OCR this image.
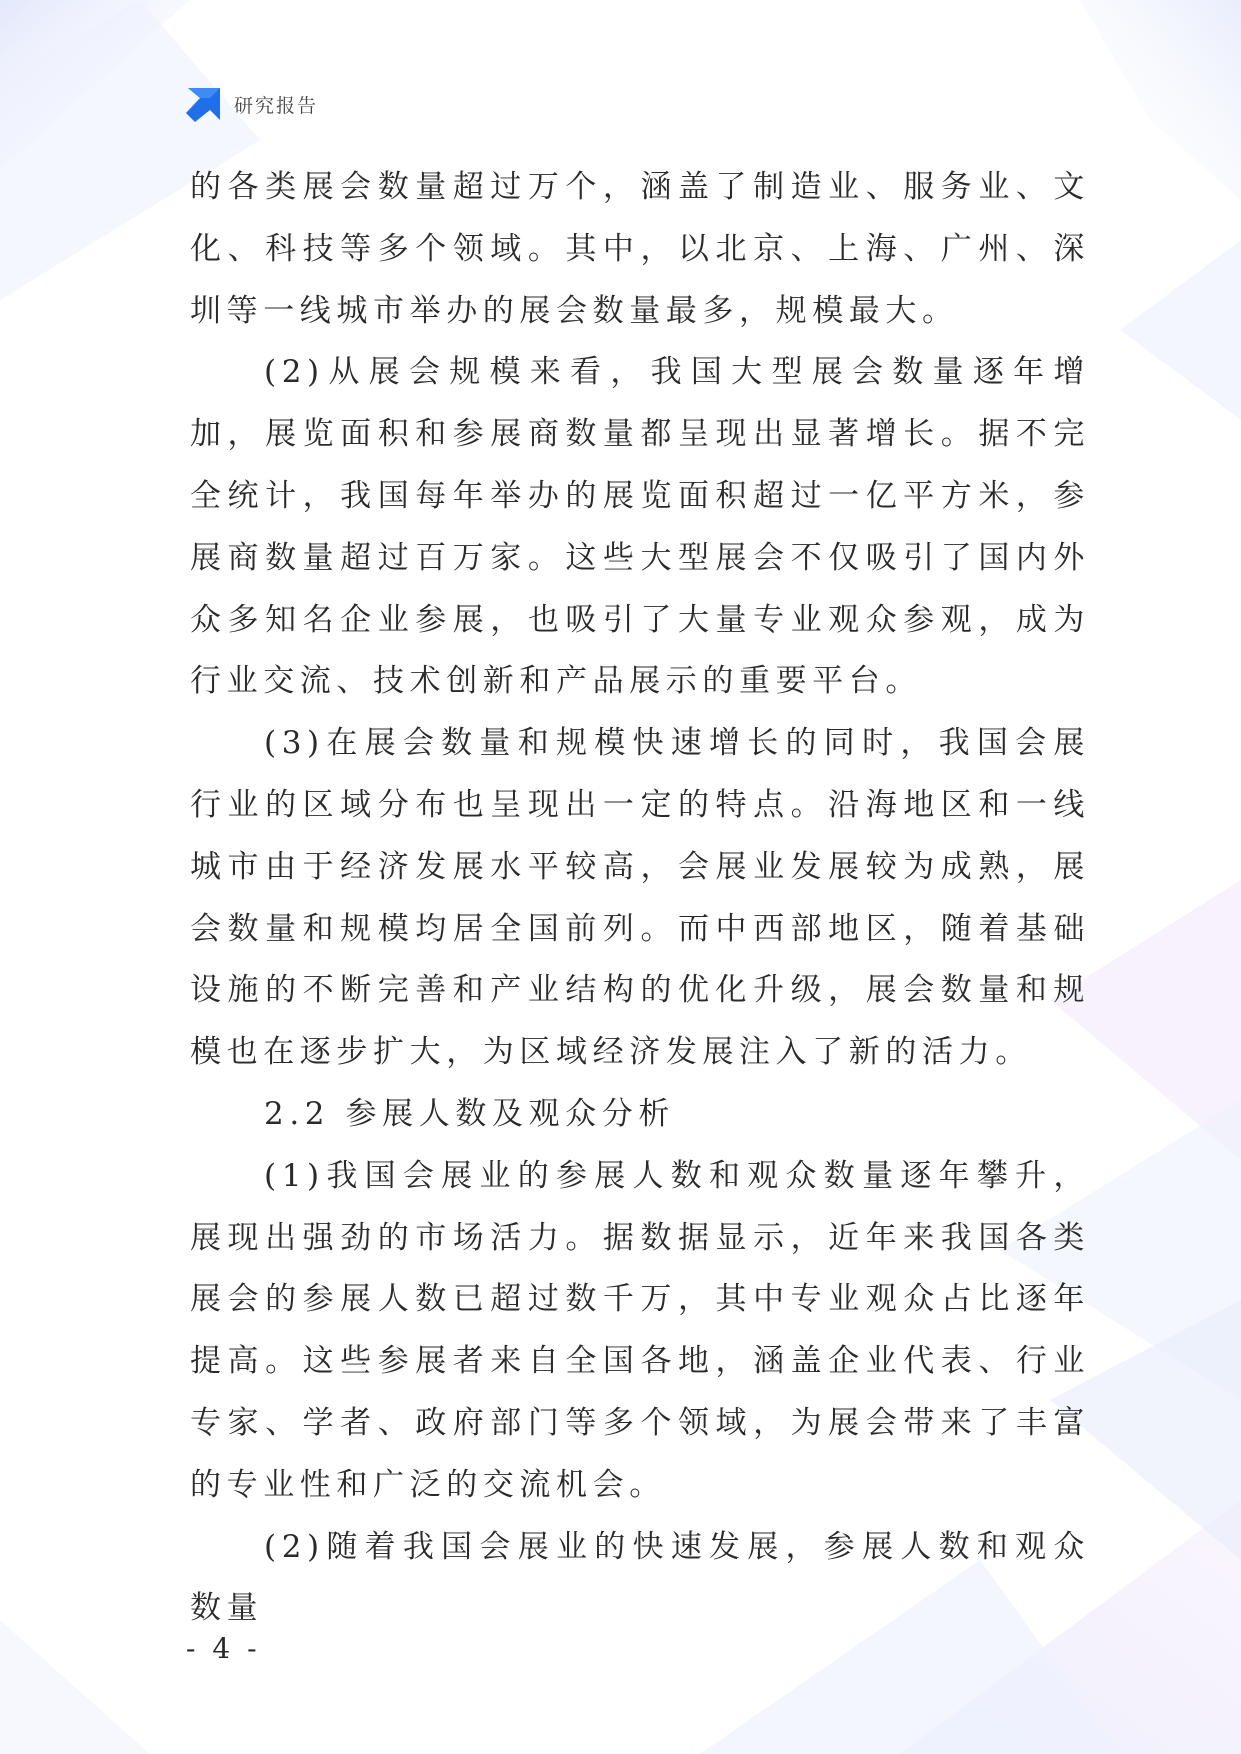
研究报告

的各类展会数量超过万个，涵盖了制造业、服务业、文化、科技等多个领域。其中，以北京、上海、广州、深圳等一线城市举办的展会数量最多，规模最大。

(2)从展会规模来看，我国大型展会数量逐年增加，展览面积和参展商数量都呈现出显著增长。据不完全统计，我国每年举办的展览面积超过一亿平方米，参展商数量超过百万家。这些大型展会不仅吸引了国内外众多知名企业参展，也吸引了大量专业观众参观，成为行业交流、技术创新和产品展示的重要平台。

(3)在展会数量和规模快速增长的同时，我国会展行业的区域分布也呈现出一定的特点。沿海地区和一线城市由于经济发展水平较高，会展业发展较为成熟，展会数量和规模均居全国前列。而中西部地区，随着基础设施的不断完善和产业结构的优化升级，展会数量和规模也在逐步扩大，为区域经济发展注入了新的活力。

2.2 参展人数及观众分析

(1)我国会展业的参展人数和观众数量逐年攀升，展现出强劲的市场活力。据数据显示，近年来我国各类展会的参展人数已超过数千万，其中专业观众占比逐年提高。这些参展者来自全国各地，涵盖企业代表、行业专家、学者、政府部门等多个领域，为展会带来了丰富的专业性和广泛的交流机会。

(2)随着我国会展业的快速发展，参展人数和观众数量

- 4 -
